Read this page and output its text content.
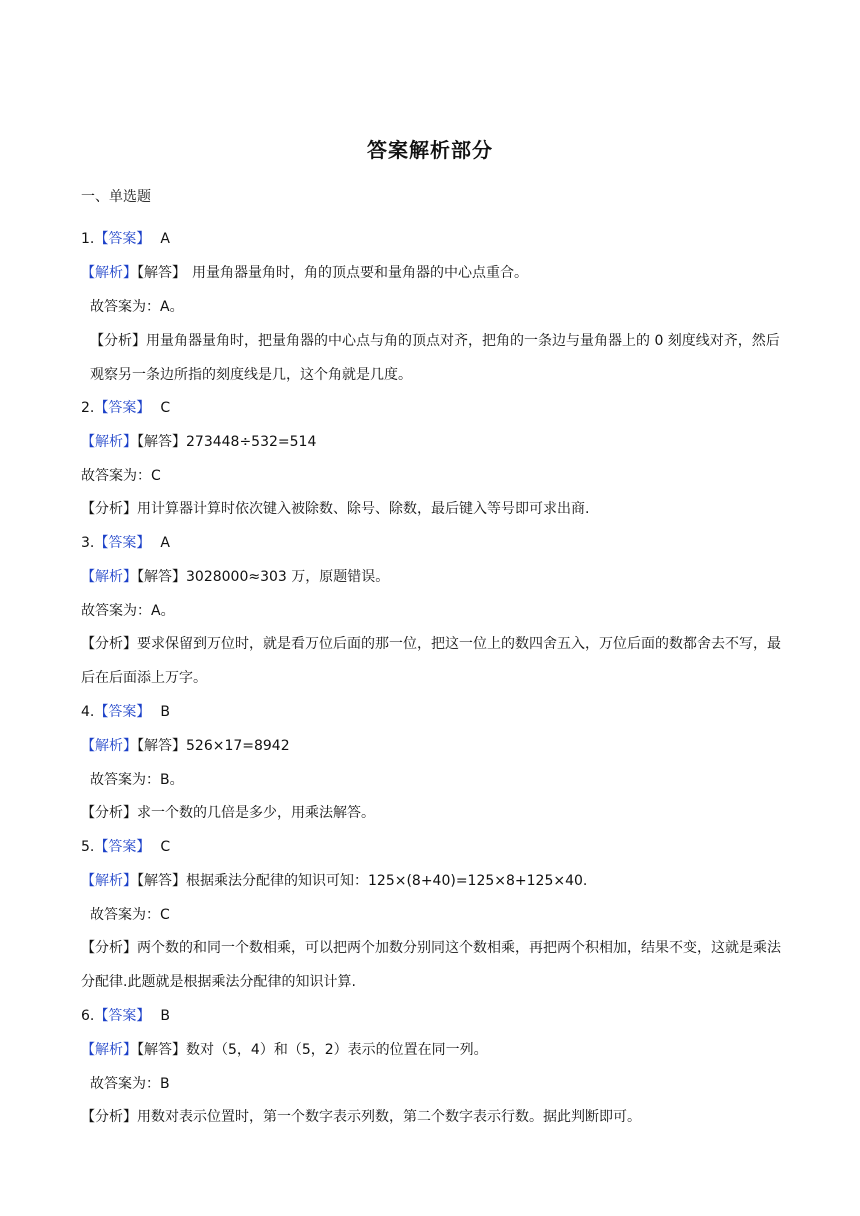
答案解析部分
一、单选题
1.【答案】 A
【解析】【解答】 用量角器量角时，角的顶点要和量角器的中心点重合。
故答案为：A。
【分析】用量角器量角时，把量角器的中心点与角的顶点对齐，把角的一条边与量角器上的 0 刻度线对齐，然后观察另一条边所指的刻度线是几，这个角就是几度。
2.【答案】 C
【解析】【解答】273448÷532=514
故答案为：C
【分析】用计算器计算时依次键入被除数、除号、除数，最后键入等号即可求出商.
3.【答案】 A
【解析】【解答】3028000≈303 万，原题错误。
故答案为：A。
【分析】要求保留到万位时，就是看万位后面的那一位，把这一位上的数四舍五入，万位后面的数都舍去不写，最后在后面添上万字。
4.【答案】 B
【解析】【解答】526×17=8942
故答案为：B。
【分析】求一个数的几倍是多少，用乘法解答。
5.【答案】 C
【解析】【解答】根据乘法分配律的知识可知：125×(8+40)=125×8+125×40.
故答案为：C
【分析】两个数的和同一个数相乘，可以把两个加数分别同这个数相乘，再把两个积相加，结果不变，这就是乘法分配律.此题就是根据乘法分配律的知识计算.
6.【答案】 B
【解析】【解答】数对（5，4）和（5，2）表示的位置在同一列。
故答案为：B
【分析】用数对表示位置时，第一个数字表示列数，第二个数字表示行数。据此判断即可。
